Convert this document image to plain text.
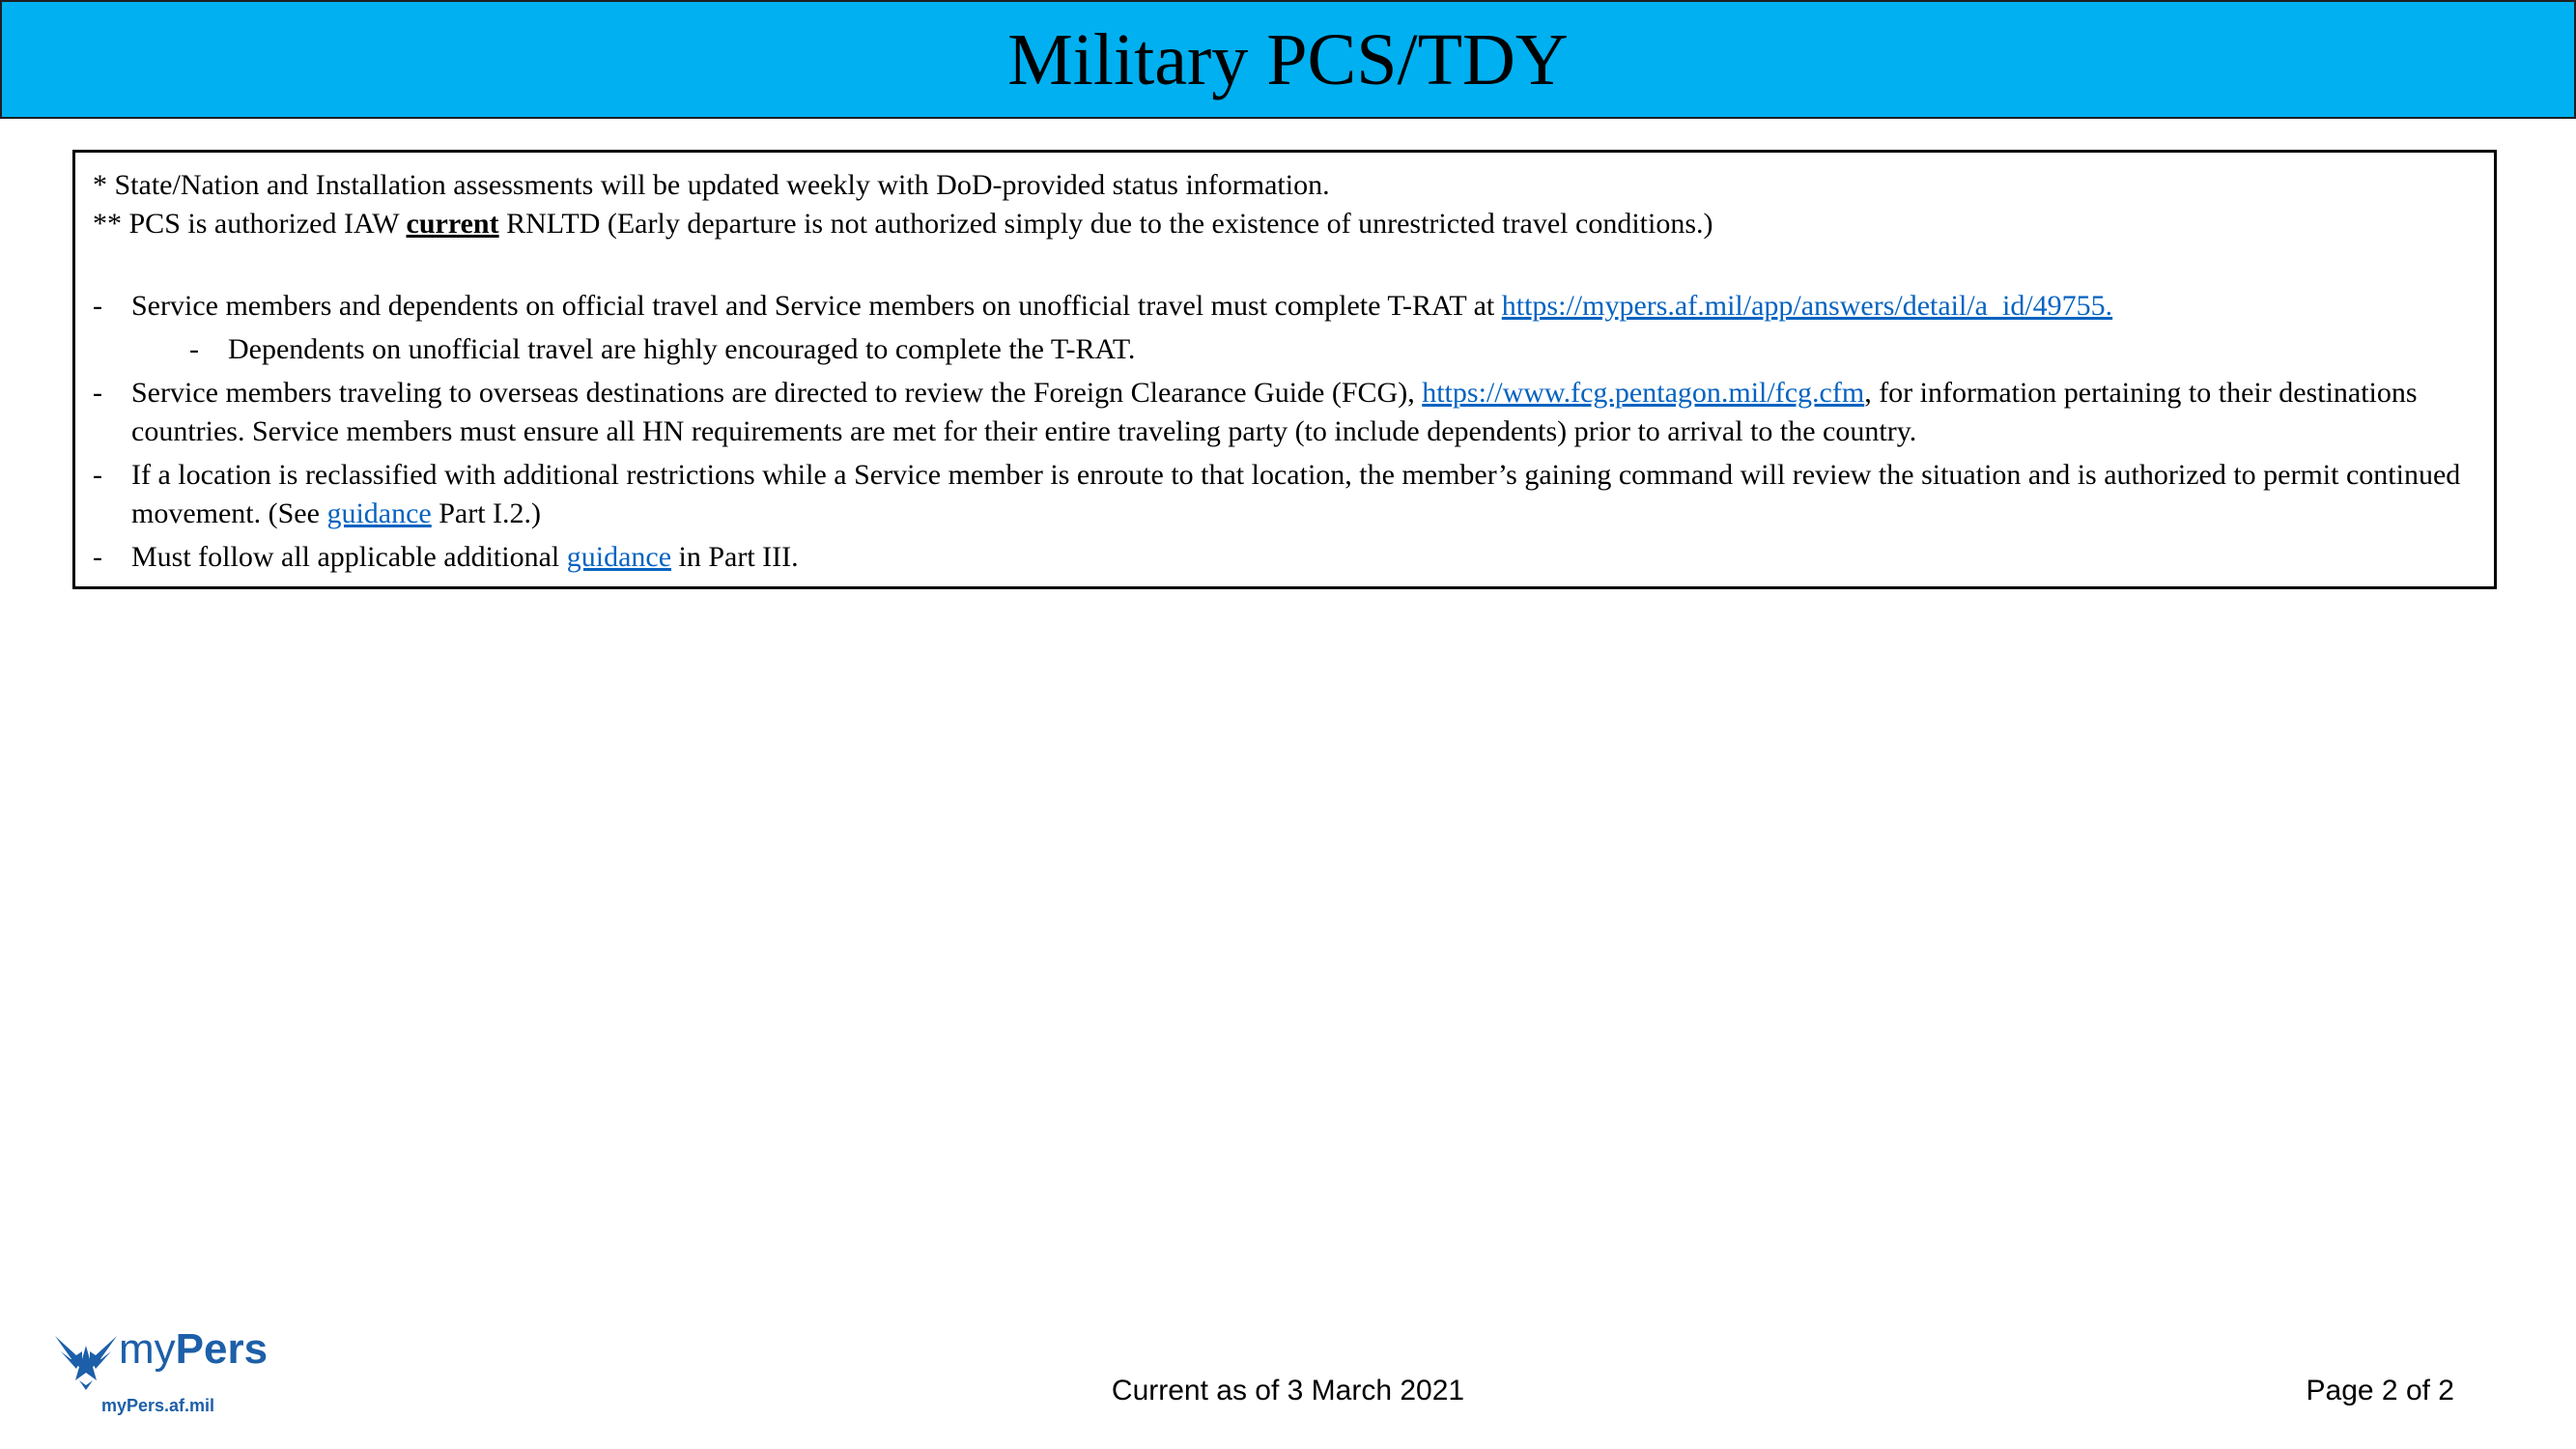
Military PCS/TDY
* State/Nation and Installation assessments will be updated weekly with DoD-provided status information.
** PCS is authorized IAW current RNLTD (Early departure is not authorized simply due to the existence of unrestricted travel conditions.)
- Service members and dependents on official travel and Service members on unofficial travel must complete T-RAT at https://mypers.af.mil/app/answers/detail/a_id/49755.
- Dependents on unofficial travel are highly encouraged to complete the T-RAT.
- Service members traveling to overseas destinations are directed to review the Foreign Clearance Guide (FCG), https://www.fcg.pentagon.mil/fcg.cfm, for information pertaining to their destinations countries. Service members must ensure all HN requirements are met for their entire traveling party (to include dependents) prior to arrival to the country.
- If a location is reclassified with additional restrictions while a Service member is enroute to that location, the member’s gaining command will review the situation and is authorized to permit continued movement. (See guidance Part I.2.)
- Must follow all applicable additional guidance in Part III.
myPers
myPers.af.mil	Current as of 3 March 2021	Page 2 of 2
